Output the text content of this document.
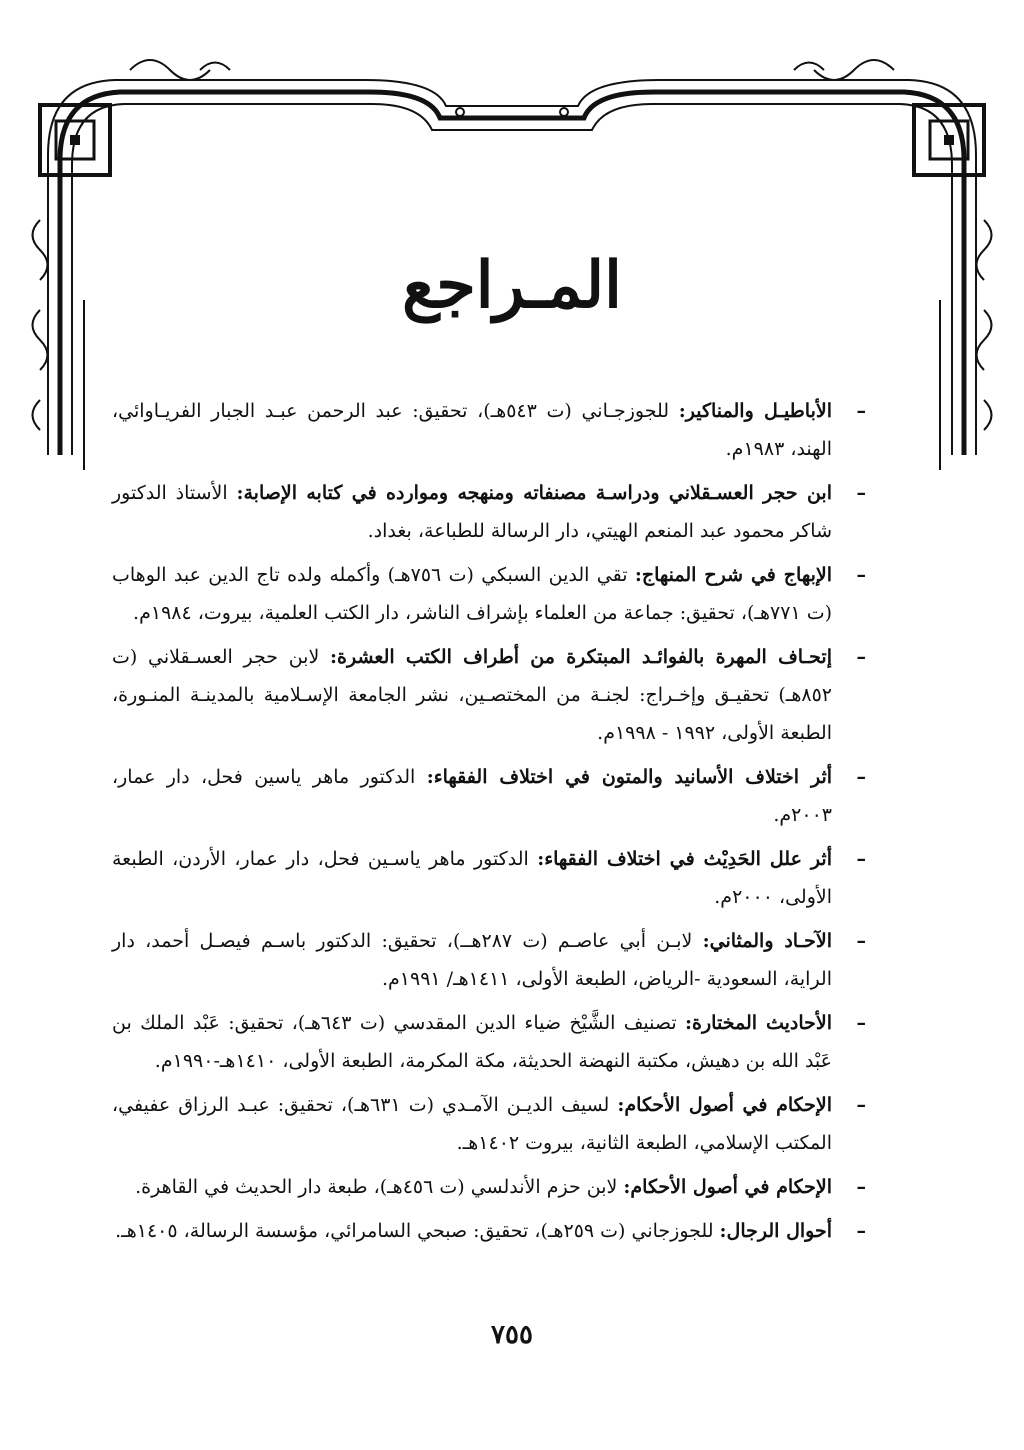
المـراجع
–
الأباطيـل والمناكير: للجوزجـاني (ت ٥٤٣هـ)، تحقيق: عبد الرحمن عبـد الجبار الفريـاوائي، الهند، ١٩٨٣م.
–
ابن حجر العسـقلاني ودراسـة مصنفاته ومنهجه وموارده في كتابه الإصابة: الأستاذ الدكتور شاكر محمود عبد المنعم الهيتي، دار الرسالة للطباعة، بغداد.
–
الإبهاج في شرح المنهاج: تقي الدين السبكي (ت ٧٥٦هـ) وأكمله ولده تاج الدين عبد الوهاب (ت ٧٧١هـ)، تحقيق: جماعة من العلماء بإشراف الناشر، دار الكتب العلمية، بيروت، ١٩٨٤م.
–
إتحـاف المهرة بالفوائـد المبتكرة من أطراف الكتب العشرة: لابن حجر العسـقلاني (ت ٨٥٢هـ) تحقيـق وإخـراج: لجنـة من المختصـين، نشر الجامعة الإسـلامية بالمدينـة المنـورة، الطبعة الأولى، ١٩٩٢ - ١٩٩٨م.
–
أثر اختلاف الأسانيد والمتون في اختلاف الفقهاء: الدكتور ماهر ياسين فحل، دار عمار، ٢٠٠٣م.
–
أثر علل الحَدِيْث في اختلاف الفقهاء: الدكتور ماهر ياسـين فحل، دار عمار، الأردن، الطبعة الأولى، ٢٠٠٠م.
–
الآحـاد والمثاني: لابـن أبي عاصـم (ت ٢٨٧هــ)، تحقيق: الدكتور باسـم فيصـل أحمد، دار الراية، السعودية -الرياض، الطبعة الأولى، ١٤١١هـ/ ١٩٩١م.
–
الأحاديث المختارة: تصنيف الشَّيْخ ضياء الدين المقدسي (ت ٦٤٣هـ)، تحقيق: عَبْد الملك بن عَبْد الله بن دهيش، مكتبة النهضة الحديثة، مكة المكرمة، الطبعة الأولى، ١٤١٠هـ-١٩٩٠م.
–
الإحكام في أصول الأحكام: لسيف الديـن الآمـدي (ت ٦٣١هـ)، تحقيق: عبـد الرزاق عفيفي، المكتب الإسلامي، الطبعة الثانية، بيروت ١٤٠٢هـ.
–
الإحكام في أصول الأحكام: لابن حزم الأندلسي (ت ٤٥٦هـ)، طبعة دار الحديث في القاهرة.
–
أحوال الرجال: للجوزجاني (ت ٢٥٩هـ)، تحقيق: صبحي السامرائي، مؤسسة الرسالة، ١٤٠٥هـ.
٧٥٥
